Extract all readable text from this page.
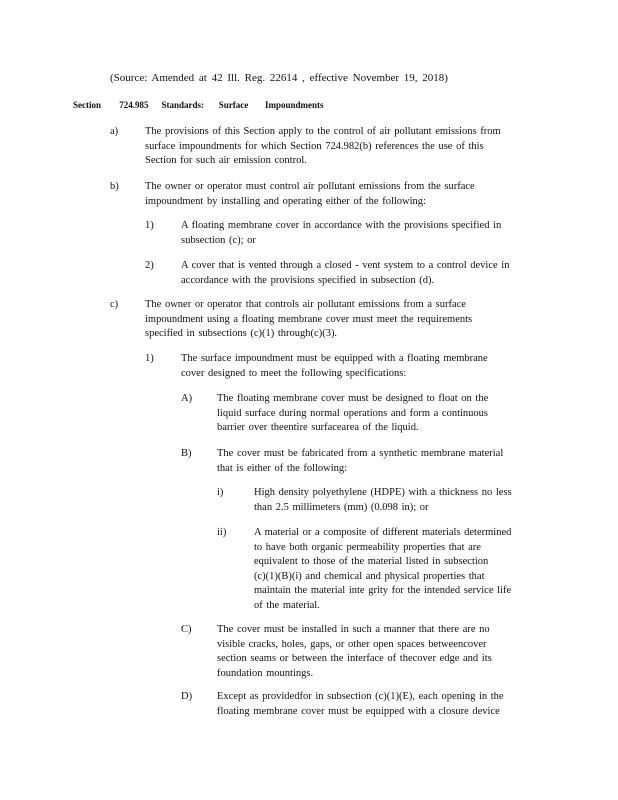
(Source: Amended at 42 Ill. Reg. 22614 , effective November 19, 2018)
Section 724.985 Standards: Surface Impoundments
a)	The provisions of this Section apply to the control of air pollutant emissions from
surface impoundments for which Section 724.982(b) references the use of this
Section for such air emission control.
b)	The owner or operator must control air pollutant emissions from the surface
impoundment by installing and operating either of the following:
1)	A floating membrane cover in accordance with the provisions specified in
subsection (c); or
2)	A cover that is vented through a closed - vent system to a control device in
accordance with the provisions specified in subsection (d).
c)	The owner or operator that controls air pollutant emissions from a surface
impoundment using a floating membrane cover must meet the requirements
specified in subsections (c)(1) through(c)(3).
1)	The surface impoundment must be equipped with a floating membrane
cover designed to meet the following specifications:
A) The floating membrane cover must be designed to float on the
liquid surface during normal operations and form a continuous
barrier over theentire surfacearea of the liquid.
B) The cover must be fabricated from a synthetic membrane material
that is either of the following:
i)	High density polyethylene (HDPE) with a thickness no less
than 2.5 millimeters (mm) (0.098 in); or
ii)	A material or a composite of different materials determined
to have both organic permeability properties that are
equivalent to those of the material listed in subsection
(c)(1)(B)(i) and chemical and physical properties that
maintain the material inte grity for the intended service life
of the material.
C) The cover must be installed in such a manner that there are no
visible cracks, holes, gaps, or other open spaces betweencover
section seams or between the interface of thecover edge and its
foundation mountings.
D) Except as providedfor in subsection (c)(1)(E), each opening in the
floating membrane cover must be equipped with a closure device
